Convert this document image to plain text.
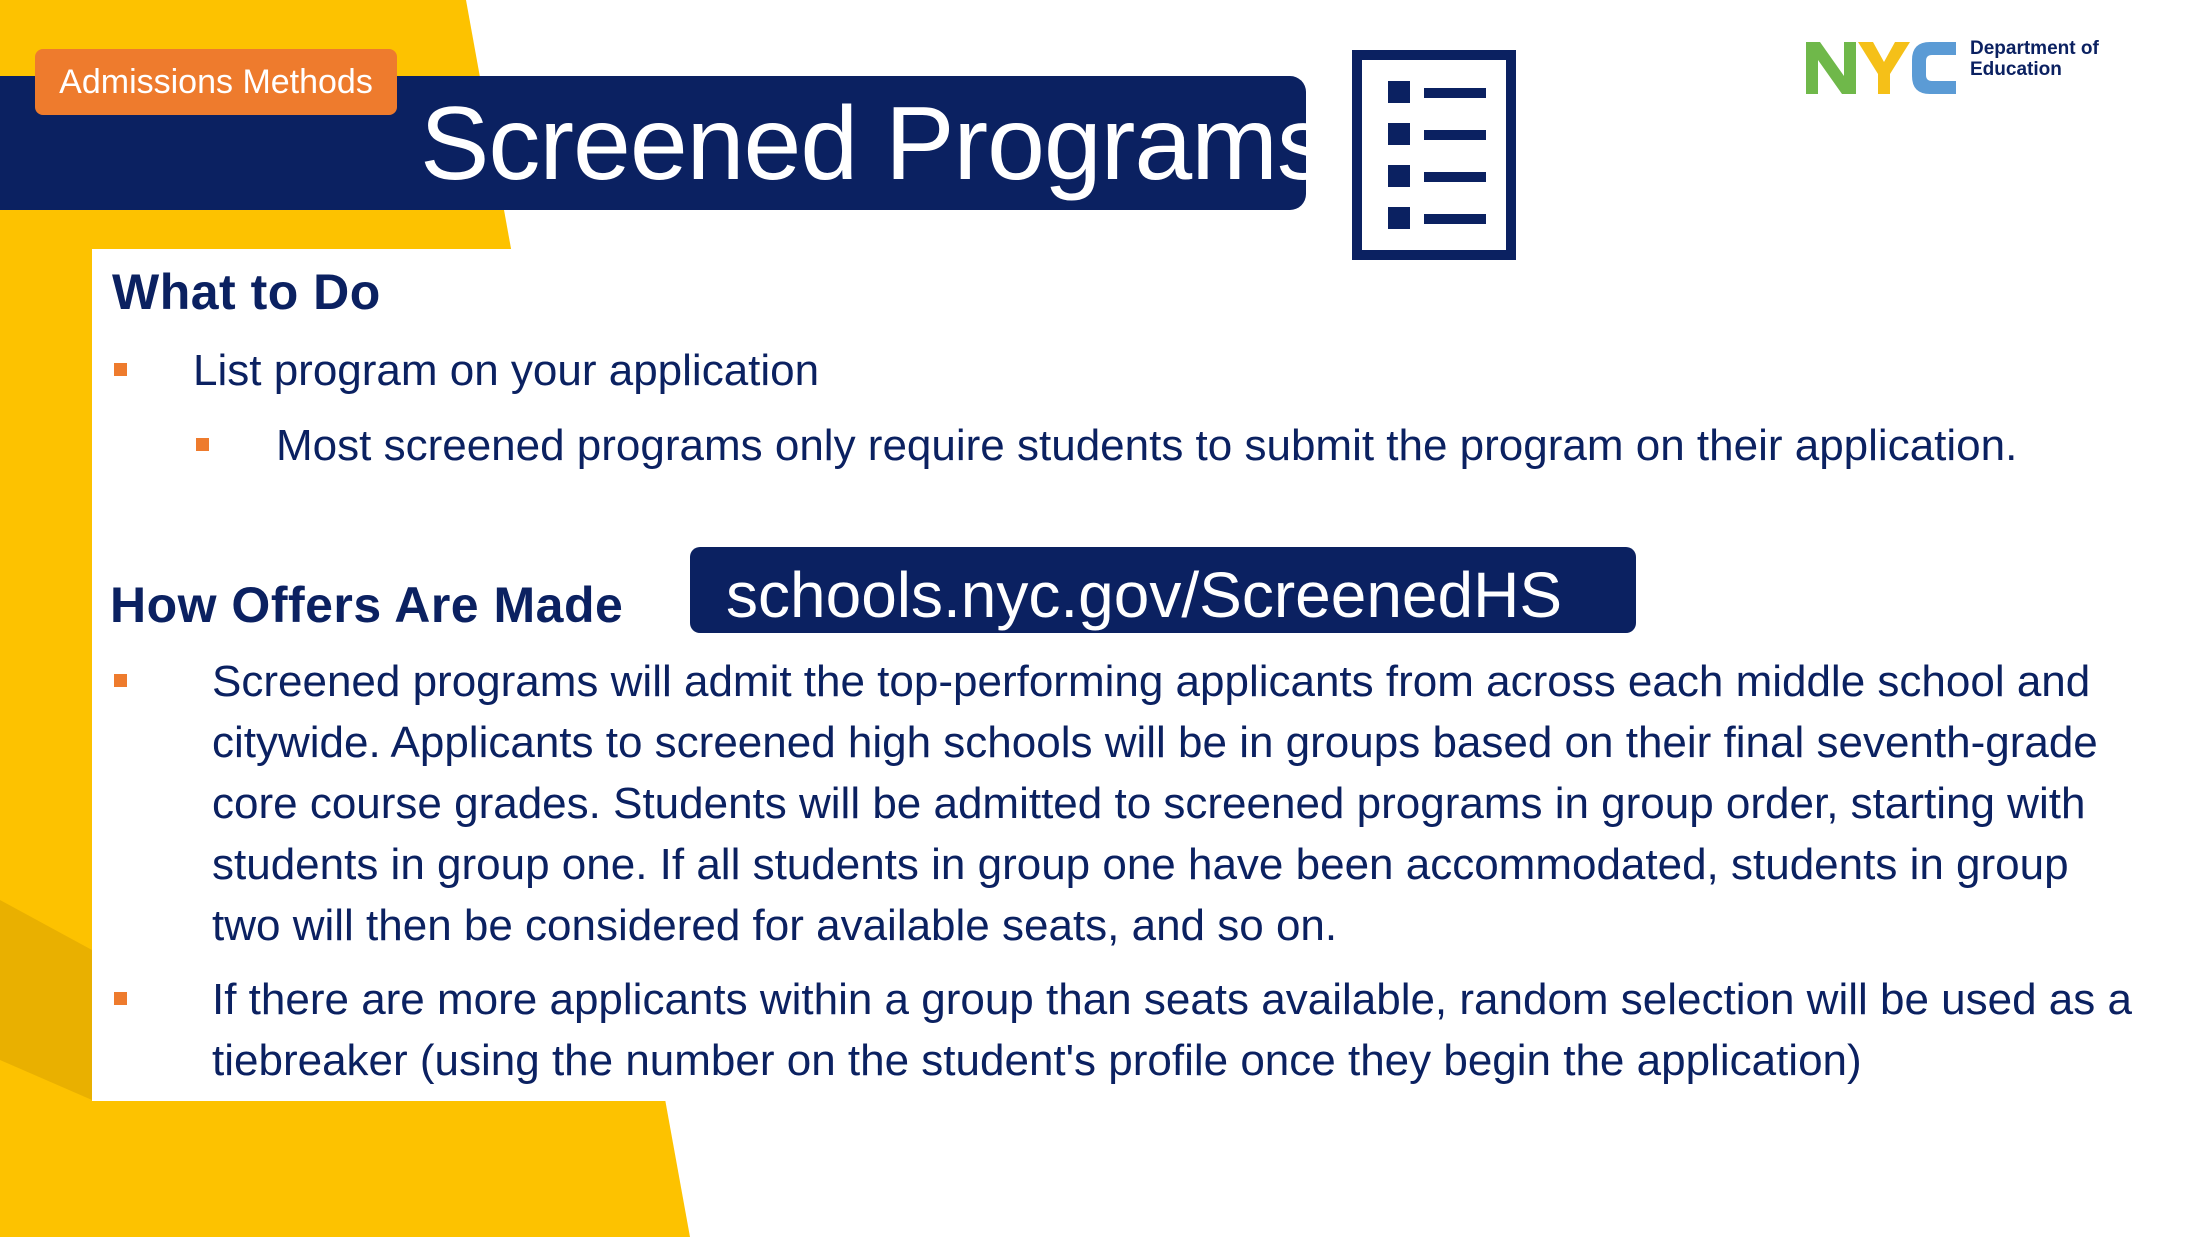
Screened Programs
Admissions Methods
Department of
Education
What to Do
List program on your application
Most screened programs only require students to submit the program on their application.
How Offers Are Made schools.nyc.gov/ScreenedHS
Screened programs will admit the top-performing applicants from across each middle school and citywide. Applicants to screened high schools will be in groups based on their final seventh-grade core course grades. Students will be admitted to screened programs in group order, starting with students in group one. If all students in group one have been accommodated, students in group two will then be considered for available seats, and so on.
If there are more applicants within a group than seats available, random selection will be used as a tiebreaker (using the number on the student's profile once they begin the application)
